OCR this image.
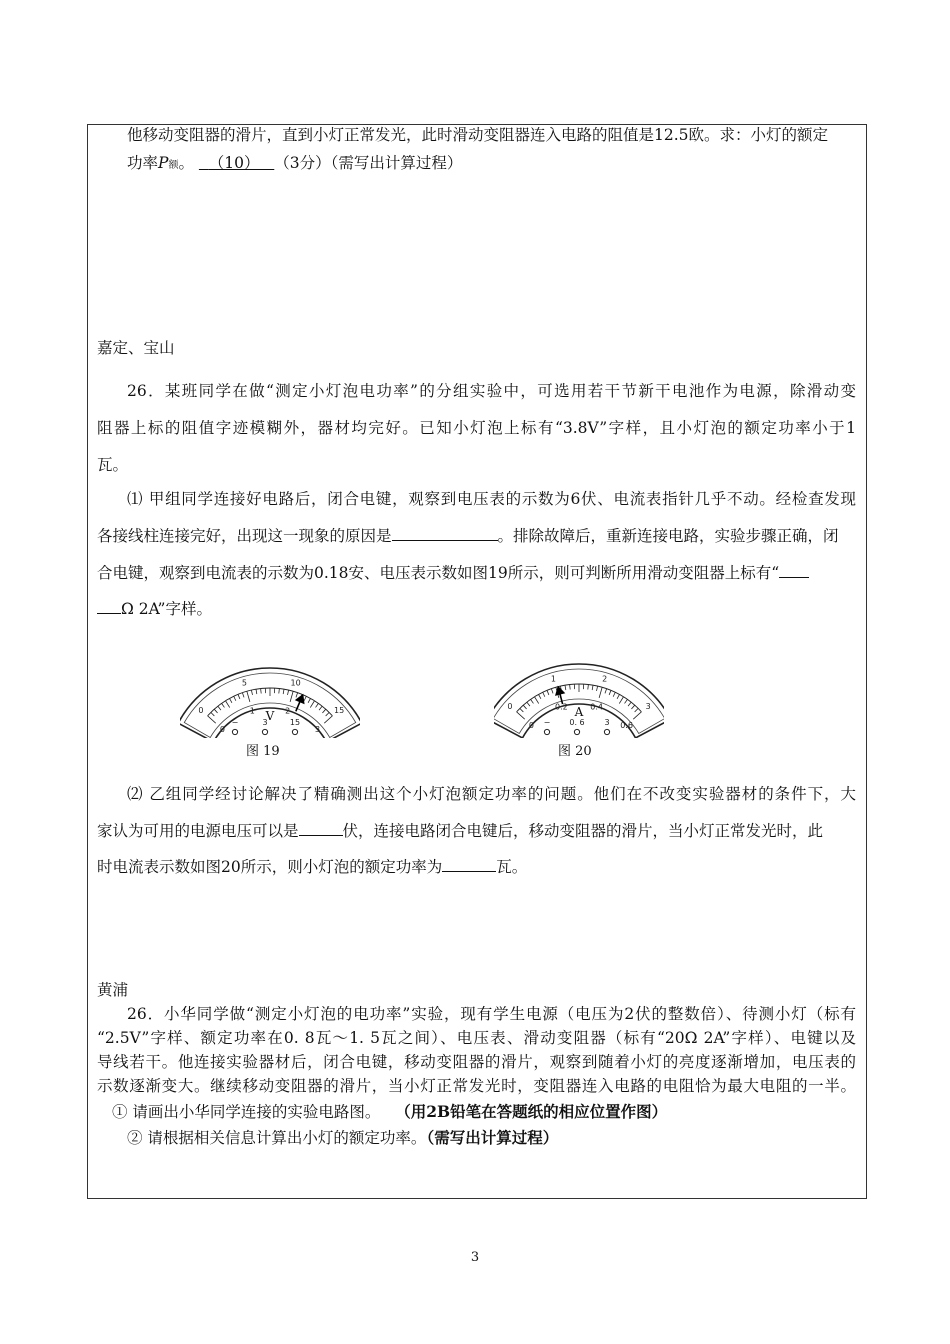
他移动变阻器的滑片，直到小灯正常发光，此时滑动变阻器连入电路的阻值是12.5欧。求：小灯的额定
功率P额。 （10） （3分）（需写出计算过程）
嘉定、宝山
26．某班同学在做“测定小灯泡电功率”的分组实验中，可选用若干节新干电池作为电源，除滑动变
阻器上标的阻值字迹模糊外，器材均完好。已知小灯泡上标有“3.8V”字样，且小灯泡的额定功率小于1
瓦。
⑴ 甲组同学连接好电路后，闭合电键，观察到电压表的示数为6伏、电流表指针几乎不动。经检查发现
各接线柱连接完好，出现这一现象的原因是	。排除故障后，重新连接电路，实验步骤正确，闭
合电键，观察到电流表的示数为0.18安、电压表示数如图19所示，则可判断所用滑动变阻器上标有“
Ω 2A”字样。
0
5	10
15
0
1	2
3
V
0
1	2
3
0
0.2	0.4
0.6
A
图 19	图 20
⑵ 乙组同学经讨论解决了精确测出这个小灯泡额定功率的问题。他们在不改变实验器材的条件下，大
家认为可用的电源电压可以是	伏，连接电路闭合电键后，移动变阻器的滑片，当小灯正常发光时，此
时电流表示数如图20所示，则小灯泡的额定功率为	瓦。
黄浦
26．小华同学做“测定小灯泡的电功率”实验，现有学生电源（电压为2伏的整数倍）、待测小灯（标有
“2.5V”字样、额定功率在0. 8瓦～1. 5瓦之间）、电压表、滑动变阻器（标有“20Ω 2A”字样）、电键以及
导线若干。他连接实验器材后，闭合电键，移动变阻器的滑片，观察到随着小灯的亮度逐渐增加，电压表的
示数逐渐变大。继续移动变阻器的滑片，当小灯正常发光时，变阻器连入电路的电阻恰为最大电阻的一半。
① 请画出小华同学连接的实验电路图。 （用2B铅笔在答题纸的相应位置作图）
② 请根据相关信息计算出小灯的额定功率。（需写出计算过程）
3
−	3	15	− 0. 6 3
